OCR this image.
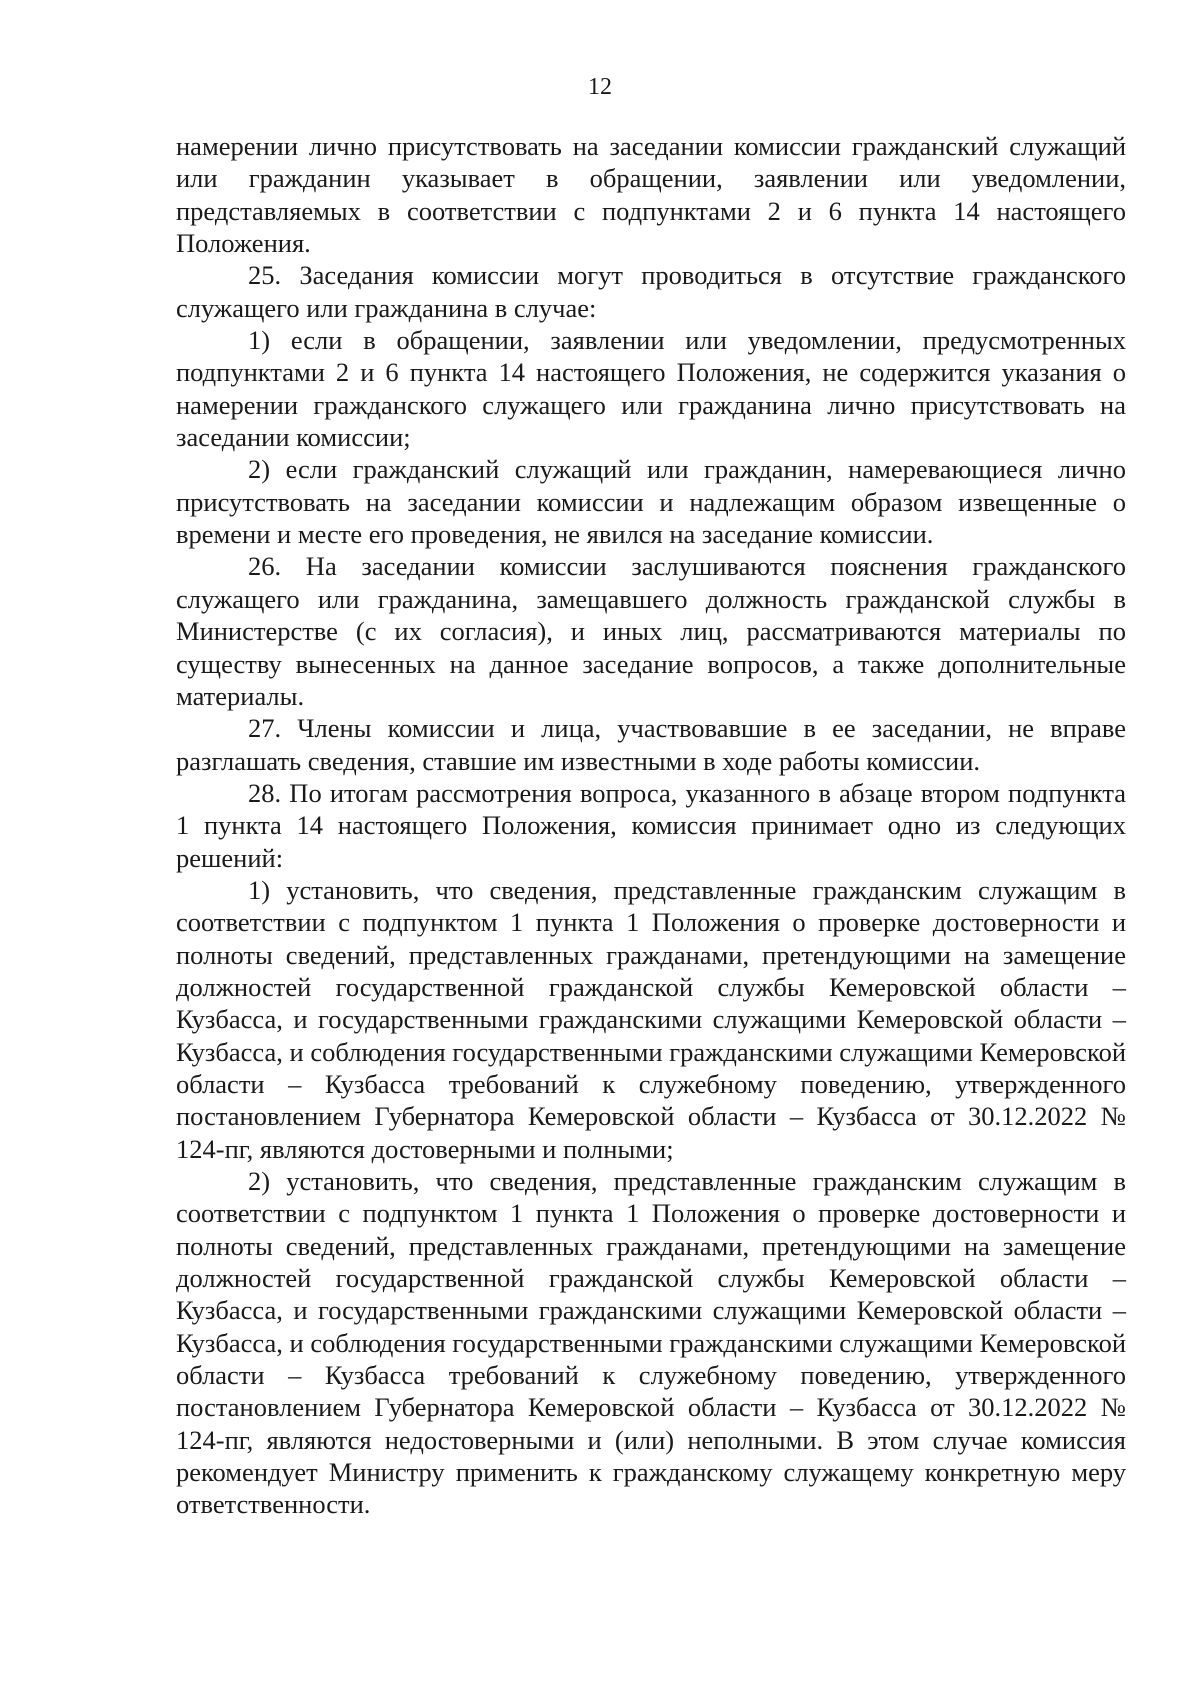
12

намерении лично присутствовать на заседании комиссии гражданский служащий или гражданин указывает в обращении, заявлении или уведомлении, представляемых в соответствии с подпунктами 2 и 6 пункта 14 настоящего Положения.

25. Заседания комиссии могут проводиться в отсутствие гражданского служащего или гражданина в случае:

1) если в обращении, заявлении или уведомлении, предусмотренных подпунктами 2 и 6 пункта 14 настоящего Положения, не содержится указания о намерении гражданского служащего или гражданина лично присутствовать на заседании комиссии;

2) если гражданский служащий или гражданин, намеревающиеся лично присутствовать на заседании комиссии и надлежащим образом извещенные о времени и месте его проведения, не явился на заседание комиссии.

26. На заседании комиссии заслушиваются пояснения гражданского служащего или гражданина, замещавшего должность гражданской службы в Министерстве (с их согласия), и иных лиц, рассматриваются материалы по существу вынесенных на данное заседание вопросов, а также дополнительные материалы.

27. Члены комиссии и лица, участвовавшие в ее заседании, не вправе разглашать сведения, ставшие им известными в ходе работы комиссии.

28. По итогам рассмотрения вопроса, указанного в абзаце втором подпункта 1 пункта 14 настоящего Положения, комиссия принимает одно из следующих решений:

1) установить, что сведения, представленные гражданским служащим в соответствии с подпунктом 1 пункта 1 Положения о проверке достоверности и полноты сведений, представленных гражданами, претендующими на замещение должностей государственной гражданской службы Кемеровской области – Кузбасса, и государственными гражданскими служащими Кемеровской области – Кузбасса, и соблюдения государственными гражданскими служащими Кемеровской области – Кузбасса требований к служебному поведению, утвержденного постановлением Губернатора Кемеровской области – Кузбасса от 30.12.2022 № 124-пг, являются достоверными и полными;

2) установить, что сведения, представленные гражданским служащим в соответствии с подпунктом 1 пункта 1 Положения о проверке достоверности и полноты сведений, представленных гражданами, претендующими на замещение должностей государственной гражданской службы Кемеровской области – Кузбасса, и государственными гражданскими служащими Кемеровской области – Кузбасса, и соблюдения государственными гражданскими служащими Кемеровской области – Кузбасса требований к служебному поведению, утвержденного постановлением Губернатора Кемеровской области – Кузбасса от 30.12.2022 № 124-пг, являются недостоверными и (или) неполными. В этом случае комиссия рекомендует Министру применить к гражданскому служащему конкретную меру ответственности.
